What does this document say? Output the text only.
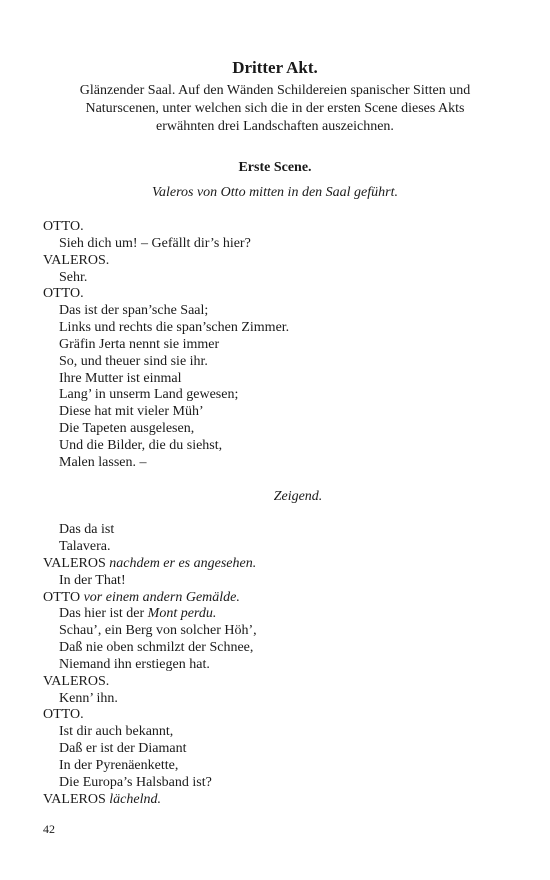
Dritter Akt.
Glänzender Saal. Auf den Wänden Schildereien spanischer Sitten und
Naturscenen, unter welchen sich die in der ersten Scene dieses Akts
erwähnten drei Landschaften auszeichnen.
Erste Scene.
Valeros von Otto mitten in den Saal geführt.
OTTO.
Sieh dich um! – Gefällt dir’s hier?
VALEROS.
Sehr.
OTTO.
Das ist der span’sche Saal;
Links und rechts die span’schen Zimmer.
Gräfin Jerta nennt sie immer
So, und theuer sind sie ihr.
Ihre Mutter ist einmal
Lang’ in unserm Land gewesen;
Diese hat mit vieler Müh’
Die Tapeten ausgelesen,
Und die Bilder, die du siehst,
Malen lassen. –
Zeigend.
Das da ist
Talavera.
VALEROS nachdem er es angesehen.
In der That!
OTTO vor einem andern Gemälde.
Das hier ist der Mont perdu.
Schau’, ein Berg von solcher Höh’,
Daß nie oben schmilzt der Schnee,
Niemand ihn erstiegen hat.
VALEROS.
Kenn’ ihn.
OTTO.
Ist dir auch bekannt,
Daß er ist der Diamant
In der Pyrenäenkette,
Die Europa’s Halsband ist?
VALEROS lächelnd.
42
